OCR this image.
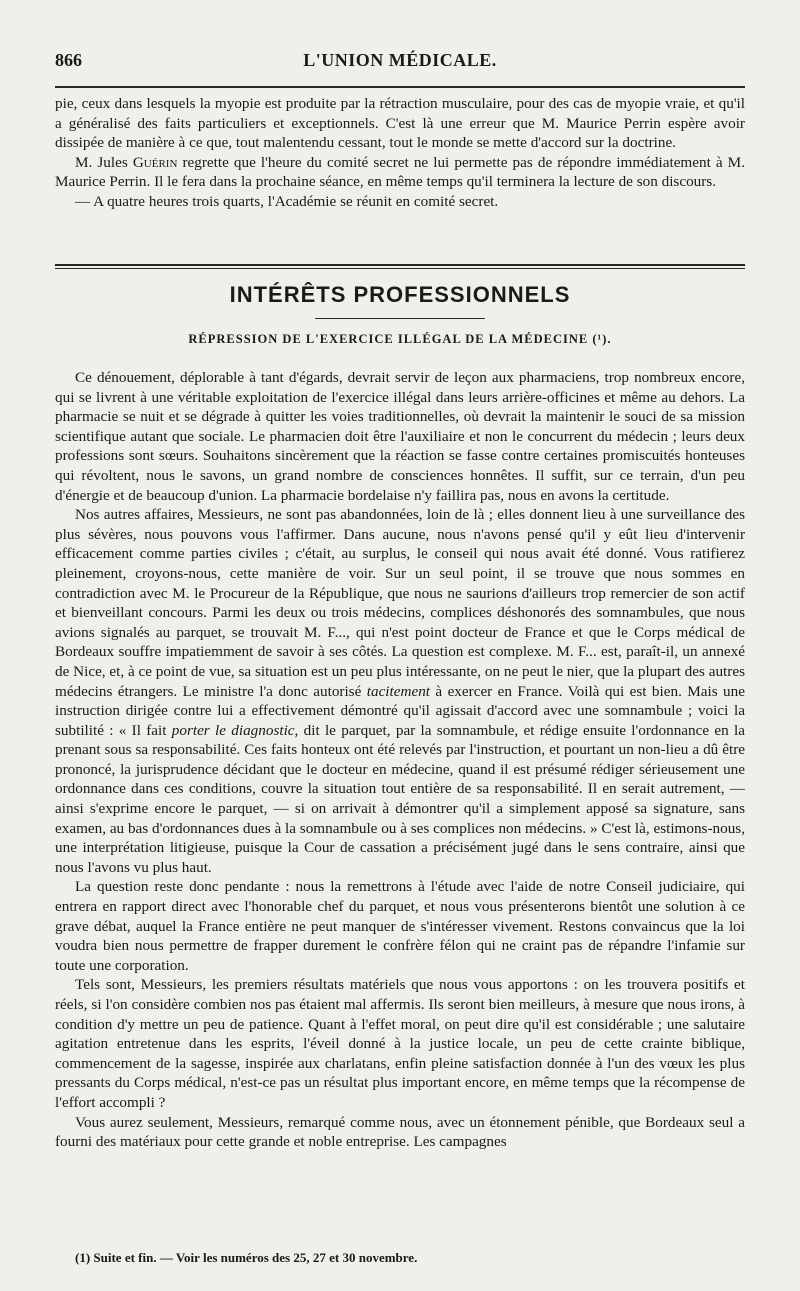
866	L'UNION MÉDICALE.

pie, ceux dans lesquels la myopie est produite par la rétraction musculaire, pour des cas de myopie vraie, et qu'il a généralisé des faits particuliers et exceptionnels. C'est là une erreur que M. Maurice Perrin espère avoir dissipée de manière à ce que, tout malentendu cessant, tout le monde se mette d'accord sur la doctrine.

M. Jules Guérin regrette que l'heure du comité secret ne lui permette pas de répondre immédiatement à M. Maurice Perrin. Il le fera dans la prochaine séance, en même temps qu'il terminera la lecture de son discours.

— A quatre heures trois quarts, l'Académie se réunit en comité secret.

INTÉRÊTS PROFESSIONNELS
RÉPRESSION DE L'EXERCICE ILLÉGAL DE LA MÉDECINE (¹).

Ce dénouement, déplorable à tant d'égards, devrait servir de leçon aux pharmaciens, trop nombreux encore, qui se livrent à une véritable exploitation de l'exercice illégal dans leurs arrière-officines et même au dehors. La pharmacie se nuit et se dégrade à quitter les voies traditionnelles, où devrait la maintenir le souci de sa mission scientifique autant que sociale. Le pharmacien doit être l'auxiliaire et non le concurrent du médecin ; leurs deux professions sont sœurs. Souhaitons sincèrement que la réaction se fasse contre certaines promiscuités honteuses qui révoltent, nous le savons, un grand nombre de consciences honnêtes. Il suffit, sur ce terrain, d'un peu d'énergie et de beaucoup d'union. La pharmacie bordelaise n'y faillira pas, nous en avons la certitude.

Nos autres affaires, Messieurs, ne sont pas abandonnées, loin de là ; elles donnent lieu à une surveillance des plus sévères, nous pouvons vous l'affirmer. Dans aucune, nous n'avons pensé qu'il y eût lieu d'intervenir efficacement comme parties civiles ; c'était, au surplus, le conseil qui nous avait été donné. Vous ratifierez pleinement, croyons-nous, cette manière de voir. Sur un seul point, il se trouve que nous sommes en contradiction avec M. le Procureur de la République, que nous ne saurions d'ailleurs trop remercier de son actif et bienveillant concours. Parmi les deux ou trois médecins, complices déshonorés des somnambules, que nous avions signalés au parquet, se trouvait M. F..., qui n'est point docteur de France et que le Corps médical de Bordeaux souffre impatiemment de savoir à ses côtés. La question est complexe. M. F... est, paraît-il, un annexé de Nice, et, à ce point de vue, sa situation est un peu plus intéressante, on ne peut le nier, que la plupart des autres médecins étrangers. Le ministre l'a donc autorisé tacitement à exercer en France. Voilà qui est bien. Mais une instruction dirigée contre lui a effectivement démontré qu'il agissait d'accord avec une somnambule ; voici la subtilité : « Il fait porter le diagnostic, dit le parquet, par la somnambule, et rédige ensuite l'ordonnance en la prenant sous sa responsabilité. Ces faits honteux ont été relevés par l'instruction, et pourtant un non-lieu a dû être prononcé, la jurisprudence décidant que le docteur en médecine, quand il est présumé rédiger sérieusement une ordonnance dans ces conditions, couvre la situation tout entière de sa responsabilité. Il en serait autrement, — ainsi s'exprime encore le parquet, — si on arrivait à démontrer qu'il a simplement apposé sa signature, sans examen, au bas d'ordonnances dues à la somnambule ou à ses complices non médecins. » C'est là, estimons-nous, une interprétation litigieuse, puisque la Cour de cassation a précisément jugé dans le sens contraire, ainsi que nous l'avons vu plus haut.

La question reste donc pendante : nous la remettrons à l'étude avec l'aide de notre Conseil judiciaire, qui entrera en rapport direct avec l'honorable chef du parquet, et nous vous présenterons bientôt une solution à ce grave débat, auquel la France entière ne peut manquer de s'intéresser vivement. Restons convaincus que la loi voudra bien nous permettre de frapper durement le confrère félon qui ne craint pas de répandre l'infamie sur toute une corporation.

Tels sont, Messieurs, les premiers résultats matériels que nous vous apportons : on les trouvera positifs et réels, si l'on considère combien nos pas étaient mal affermis. Ils seront bien meilleurs, à mesure que nous irons, à condition d'y mettre un peu de patience. Quant à l'effet moral, on peut dire qu'il est considérable ; une salutaire agitation entretenue dans les esprits, l'éveil donné à la justice locale, un peu de cette crainte biblique, commencement de la sagesse, inspirée aux charlatans, enfin pleine satisfaction donnée à l'un des vœux les plus pressants du Corps médical, n'est-ce pas un résultat plus important encore, en même temps que la récompense de l'effort accompli ?

Vous aurez seulement, Messieurs, remarqué comme nous, avec un étonnement pénible, que Bordeaux seul a fourni des matériaux pour cette grande et noble entreprise. Les campagnes

(1) Suite et fin. — Voir les numéros des 25, 27 et 30 novembre.
